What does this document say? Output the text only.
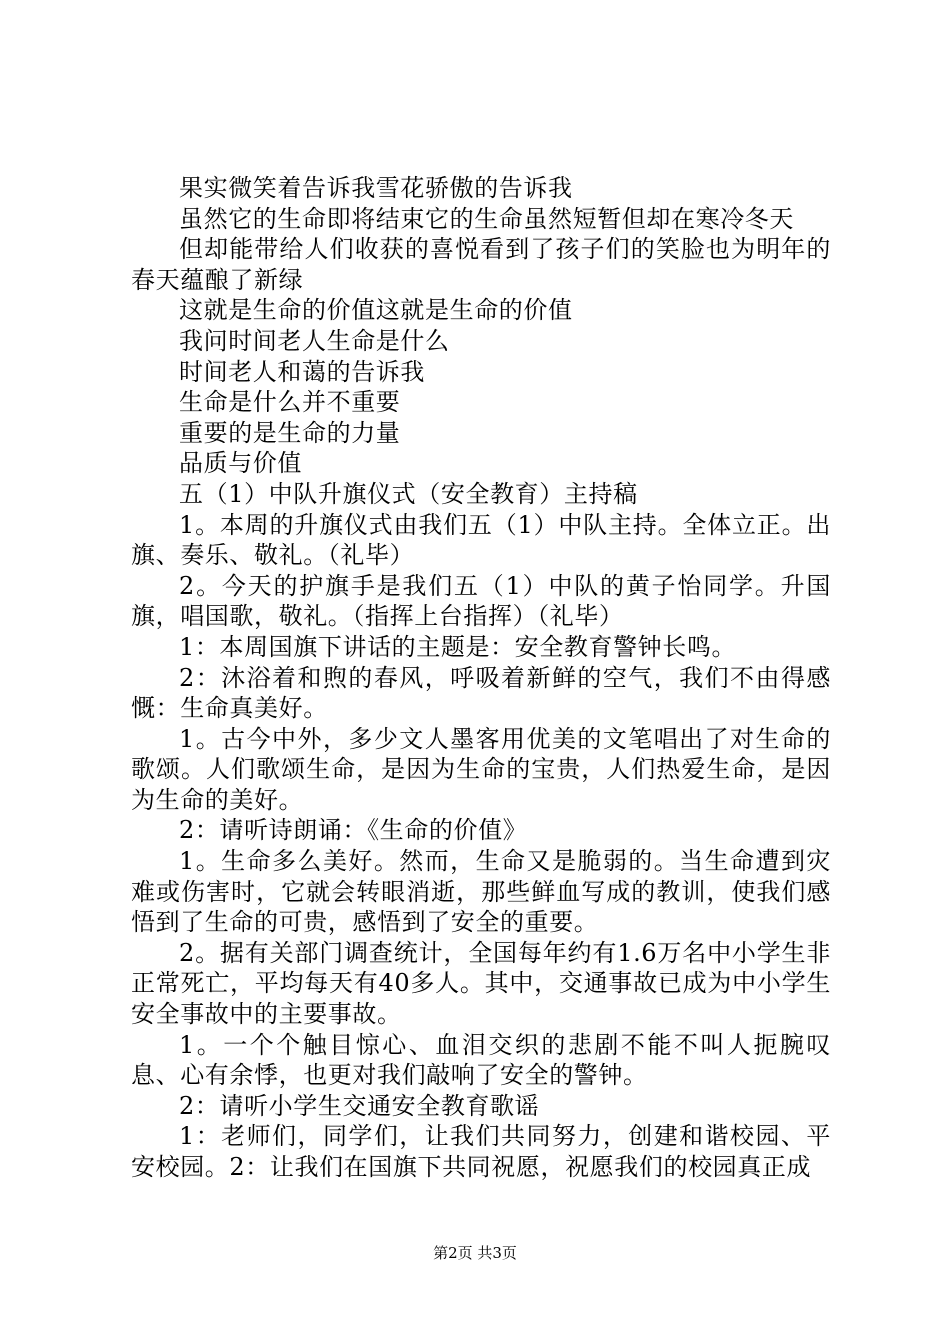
果实微笑着告诉我雪花骄傲的告诉我

虽然它的生命即将结束它的生命虽然短暂但却在寒冷冬天

但却能带给人们收获的喜悦看到了孩子们的笑脸也为明年的春天蕴酿了新绿

这就是生命的价值这就是生命的价值

我问时间老人生命是什么

时间老人和蔼的告诉我

生命是什么并不重要

重要的是生命的力量

品质与价值

五（1）中队升旗仪式（安全教育）主持稿

1。本周的升旗仪式由我们五（1）中队主持。全体立正。出旗、奏乐、敬礼。（礼毕）

2。今天的护旗手是我们五（1）中队的黄子怡同学。升国旗，唱国歌，敬礼。（指挥上台指挥）（礼毕）

1：本周国旗下讲话的主题是：安全教育警钟长鸣。

2：沐浴着和煦的春风，呼吸着新鲜的空气，我们不由得感慨：生命真美好。

1。古今中外，多少文人墨客用优美的文笔唱出了对生命的歌颂。人们歌颂生命，是因为生命的宝贵，人们热爱生命，是因为生命的美好。

2：请听诗朗诵：《生命的价值》

1。生命多么美好。然而，生命又是脆弱的。当生命遭到灾难或伤害时，它就会转眼消逝，那些鲜血写成的教训，使我们感悟到了生命的可贵，感悟到了安全的重要。

2。据有关部门调查统计，全国每年约有1.6万名中小学生非正常死亡，平均每天有40多人。其中，交通事故已成为中小学生安全事故中的主要事故。

1。一个个触目惊心、血泪交织的悲剧不能不叫人扼腕叹息、心有余悸，也更对我们敲响了安全的警钟。

2：请听小学生交通安全教育歌谣

1：老师们，同学们，让我们共同努力，创建和谐校园、平安校园。2：让我们在国旗下共同祝愿，祝愿我们的校园真正成

第2页 共3页
